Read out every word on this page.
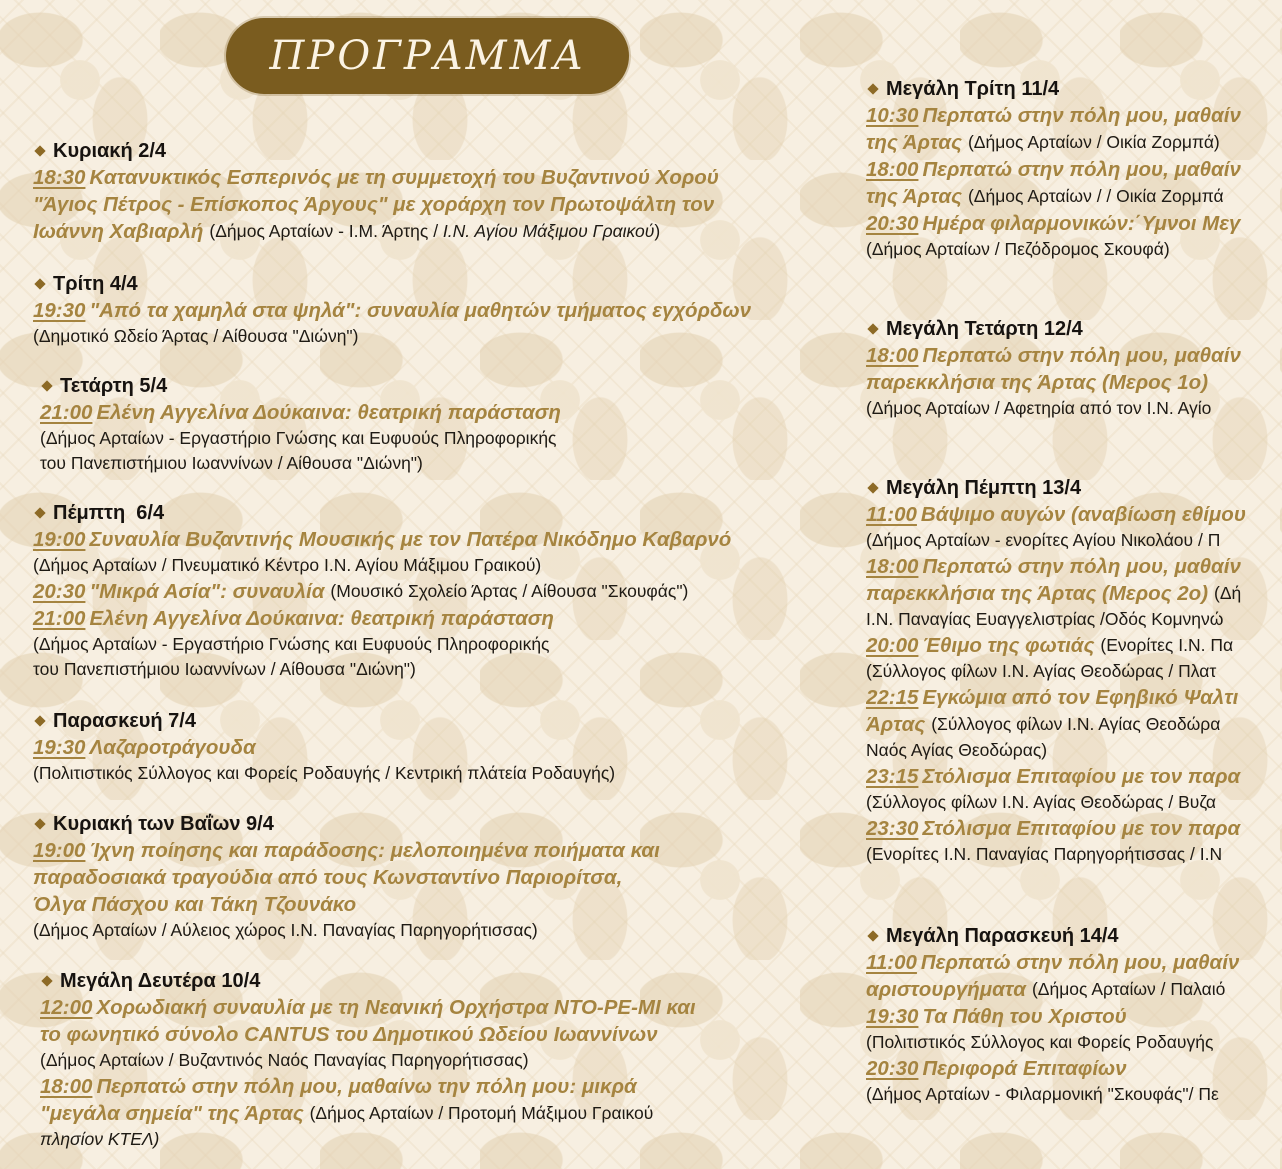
ΠΡΟΓΡΑΜΜΑ
Κυριακή 2/4
18:30 Κατανυκτικός Εσπερινός με τη συμμετοχή του Βυζαντινού Χορού
"Άγιος Πέτρος - Επίσκοπος Άργους" με χοράρχη τον Πρωτοψάλτη τον
Ιωάννη Χαβιαρλή (Δήμος Αρταίων - Ι.Μ. Άρτης / Ι.Ν. Αγίου Μάξιμου Γραικού)
Τρίτη 4/4
19:30 "Από τα χαμηλά στα ψηλά": συναυλία μαθητών τμήματος εγχόρδων
(Δημοτικό Ωδείο Άρτας / Αίθουσα "Διώνη")
Τετάρτη 5/4
21:00 Ελένη Αγγελίνα Δούκαινα: θεατρική παράσταση
(Δήμος Αρταίων - Εργαστήριο Γνώσης και Ευφυούς Πληροφορικής
του Πανεπιστήμιου Ιωαννίνων / Αίθουσα "Διώνη")
Πέμπτη  6/4
19:00 Συναυλία Βυζαντινής Μουσικής με τον Πατέρα Νικόδημο Καβαρνό
(Δήμος Αρταίων / Πνευματικό Κέντρο Ι.Ν. Αγίου Μάξιμου Γραικού)
20:30 "Μικρά Ασία": συναυλία (Μουσικό Σχολείο Άρτας / Αίθουσα "Σκουφάς")
21:00 Ελένη Αγγελίνα Δούκαινα: θεατρική παράσταση
(Δήμος Αρταίων - Εργαστήριο Γνώσης και Ευφυούς Πληροφορικής
του Πανεπιστήμιου Ιωαννίνων / Αίθουσα "Διώνη")
Παρασκευή 7/4
19:30 Λαζαροτράγουδα
(Πολιτιστικός Σύλλογος και Φορείς Ροδαυγής / Κεντρική πλάτεία Ροδαυγής)
Κυριακή των Βαΐων 9/4
19:00 Ίχνη ποίησης και παράδοσης: μελοποιημένα ποιήματα και
παραδοσιακά τραγούδια από τους Κωνσταντίνο Παριορίτσα,
Όλγα Πάσχου και Τάκη Τζουνάκο
(Δήμος Αρταίων / Αύλειος χώρος Ι.Ν. Παναγίας Παρηγορήτισσας)
Μεγάλη Δευτέρα 10/4
12:00 Χορωδιακή συναυλία με τη Νεανική Ορχήστρα ΝΤΟ-ΡΕ-ΜΙ και
το φωνητικό σύνολο CANTUS του Δημοτικού Ωδείου Ιωαννίνων
(Δήμος Αρταίων / Βυζαντινός Ναός Παναγίας Παρηγορήτισσας)
18:00 Περπατώ στην πόλη μου, μαθαίνω την πόλη μου: μικρά
"μεγάλα σημεία" της Άρτας (Δήμος Αρταίων / Προτομή Μάξιμου Γραικού
πλησίον ΚΤΕΛ)
Μεγάλη Τρίτη 11/4
10:30 Περπατώ στην πόλη μου, μαθαίν
της Άρτας (Δήμος Αρταίων / Οικία Ζορμπά)
18:00 Περπατώ στην πόλη μου, μαθαίν
της Άρτας (Δήμος Αρταίων / / Οικία Ζορμπά
20:30 Ημέρα φιλαρμονικών:΄Υμνοι Μεγ
(Δήμος Αρταίων / Πεζόδρομος Σκουφά)
Μεγάλη Τετάρτη 12/4
18:00 Περπατώ στην πόλη μου, μαθαίν
παρεκκλήσια της Άρτας (Μερος 1ο)
(Δήμος Αρταίων / Αφετηρία από τον Ι.Ν. Αγίο
Μεγάλη Πέμπτη 13/4
11:00 Βάψιμο αυγών (αναβίωση εθίμου
(Δήμος Αρταίων - ενορίτες Αγίου Νικολάου / Π
18:00 Περπατώ στην πόλη μου, μαθαίν
παρεκκλήσια της Άρτας (Μερος 2ο) (Δή
Ι.Ν. Παναγίας Ευαγγελιστρίας /Οδός Κομνηνώ
20:00 Έθιμο της φωτιάς (Ενορίτες Ι.Ν. Πα
(Σύλλογος φίλων Ι.Ν. Αγίας Θεοδώρας / Πλατ
22:15 Εγκώμια από τον Εφηβικό Ψαλτι
Άρτας (Σύλλογος φίλων Ι.Ν. Αγίας Θεοδώρα
Ναός Αγίας Θεοδώρας)
23:15 Στόλισμα Επιταφίου με τον παρα
(Σύλλογος φίλων Ι.Ν. Αγίας Θεοδώρας / Βυζα
23:30 Στόλισμα Επιταφίου με τον παρα
(Ενορίτες Ι.Ν. Παναγίας Παρηγορήτισσας / Ι.Ν
Μεγάλη Παρασκευή 14/4
11:00 Περπατώ στην πόλη μου, μαθαίν
αριστουργήματα (Δήμος Αρταίων / Παλαιό
19:30 Τα Πάθη του Χριστού
(Πολιτιστικός Σύλλογος και Φορείς Ροδαυγής
20:30 Περιφορά Επιταφίων
(Δήμος Αρταίων - Φιλαρμονική "Σκουφάς"/ Πε
